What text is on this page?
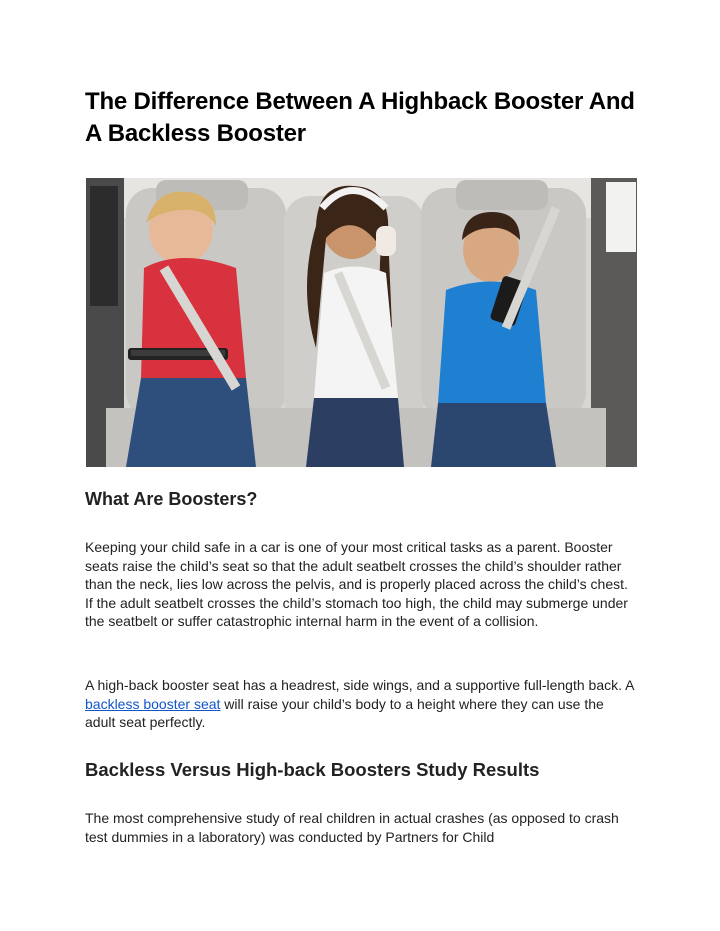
The Difference Between A Highback Booster And A Backless Booster
What Are Boosters?

Keeping your child safe in a car is one of your most critical tasks as a parent. Booster seats raise the child’s seat so that the adult seatbelt crosses the child’s shoulder rather than the neck, lies low across the pelvis, and is properly placed across the child’s chest. If the adult seatbelt crosses the child’s stomach too high, the child may submerge under the seatbelt or suffer catastrophic internal harm in the event of a collision.

A high-back booster seat has a headrest, side wings, and a supportive full-length back. A backless booster seat will raise your child’s body to a height where they can use the adult seat perfectly.

Backless Versus High-back Boosters Study Results

The most comprehensive study of real children in actual crashes (as opposed to crash test dummies in a laboratory) was conducted by Partners for Child
